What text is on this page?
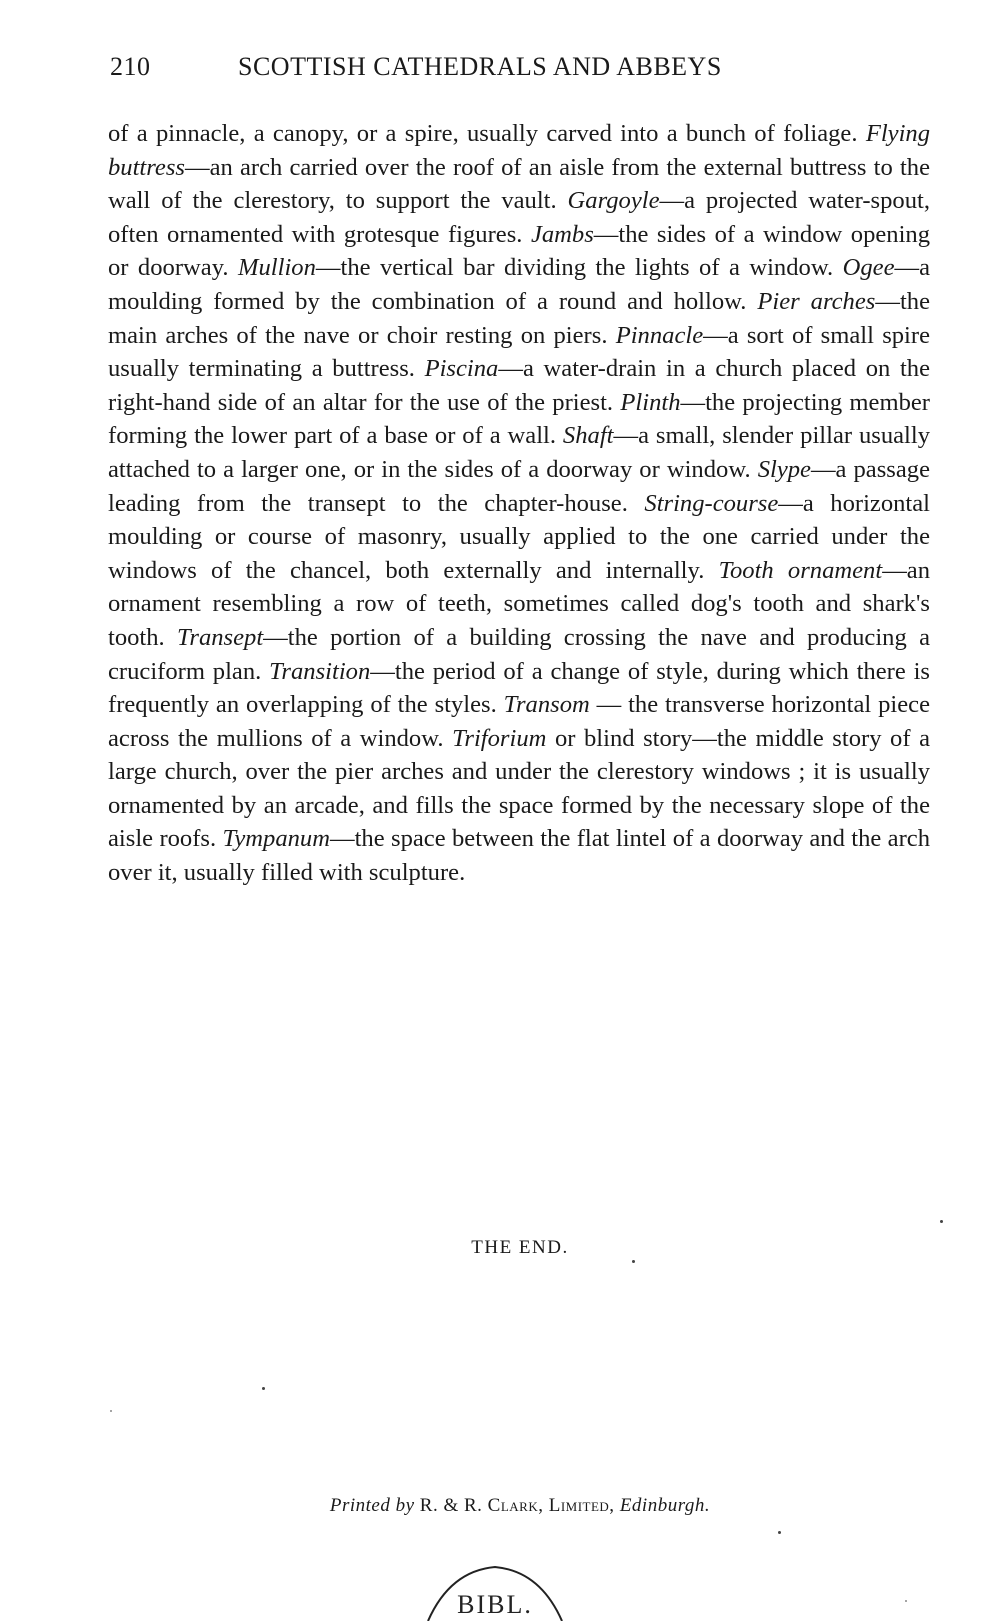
210	SCOTTISH CATHEDRALS AND ABBEYS

of a pinnacle, a canopy, or a spire, usually carved into a bunch of foliage. Flying buttress—an arch carried over the roof of an aisle from the external buttress to the wall of the clerestory, to support the vault. Gargoyle—a projected water-spout, often ornamented with grotesque figures. Jambs—the sides of a window opening or doorway. Mullion—the vertical bar dividing the lights of a window. Ogee—a moulding formed by the combination of a round and hollow. Pier arches—the main arches of the nave or choir resting on piers. Pinnacle—a sort of small spire usually terminating a buttress. Piscina—a water-drain in a church placed on the right-hand side of an altar for the use of the priest. Plinth—the projecting member forming the lower part of a base or of a wall. Shaft—a small, slender pillar usually attached to a larger one, or in the sides of a doorway or window. Slype—a passage leading from the transept to the chapter-house. String-course—a horizontal moulding or course of masonry, usually applied to the one carried under the windows of the chancel, both externally and internally. Tooth ornament—an ornament resembling a row of teeth, sometimes called dog's tooth and shark's tooth. Transept—the portion of a building crossing the nave and producing a cruciform plan. Transition—the period of a change of style, during which there is frequently an overlapping of the styles. Transom — the transverse horizontal piece across the mullions of a window. Triforium or blind story—the middle story of a large church, over the pier arches and under the clerestory windows ; it is usually ornamented by an arcade, and fills the space formed by the necessary slope of the aisle roofs. Tympanum—the space between the flat lintel of a doorway and the arch over it, usually filled with sculpture.

THE END.
Printed by R. & R. Clark, Limited, Edinburgh.
BIBL.
